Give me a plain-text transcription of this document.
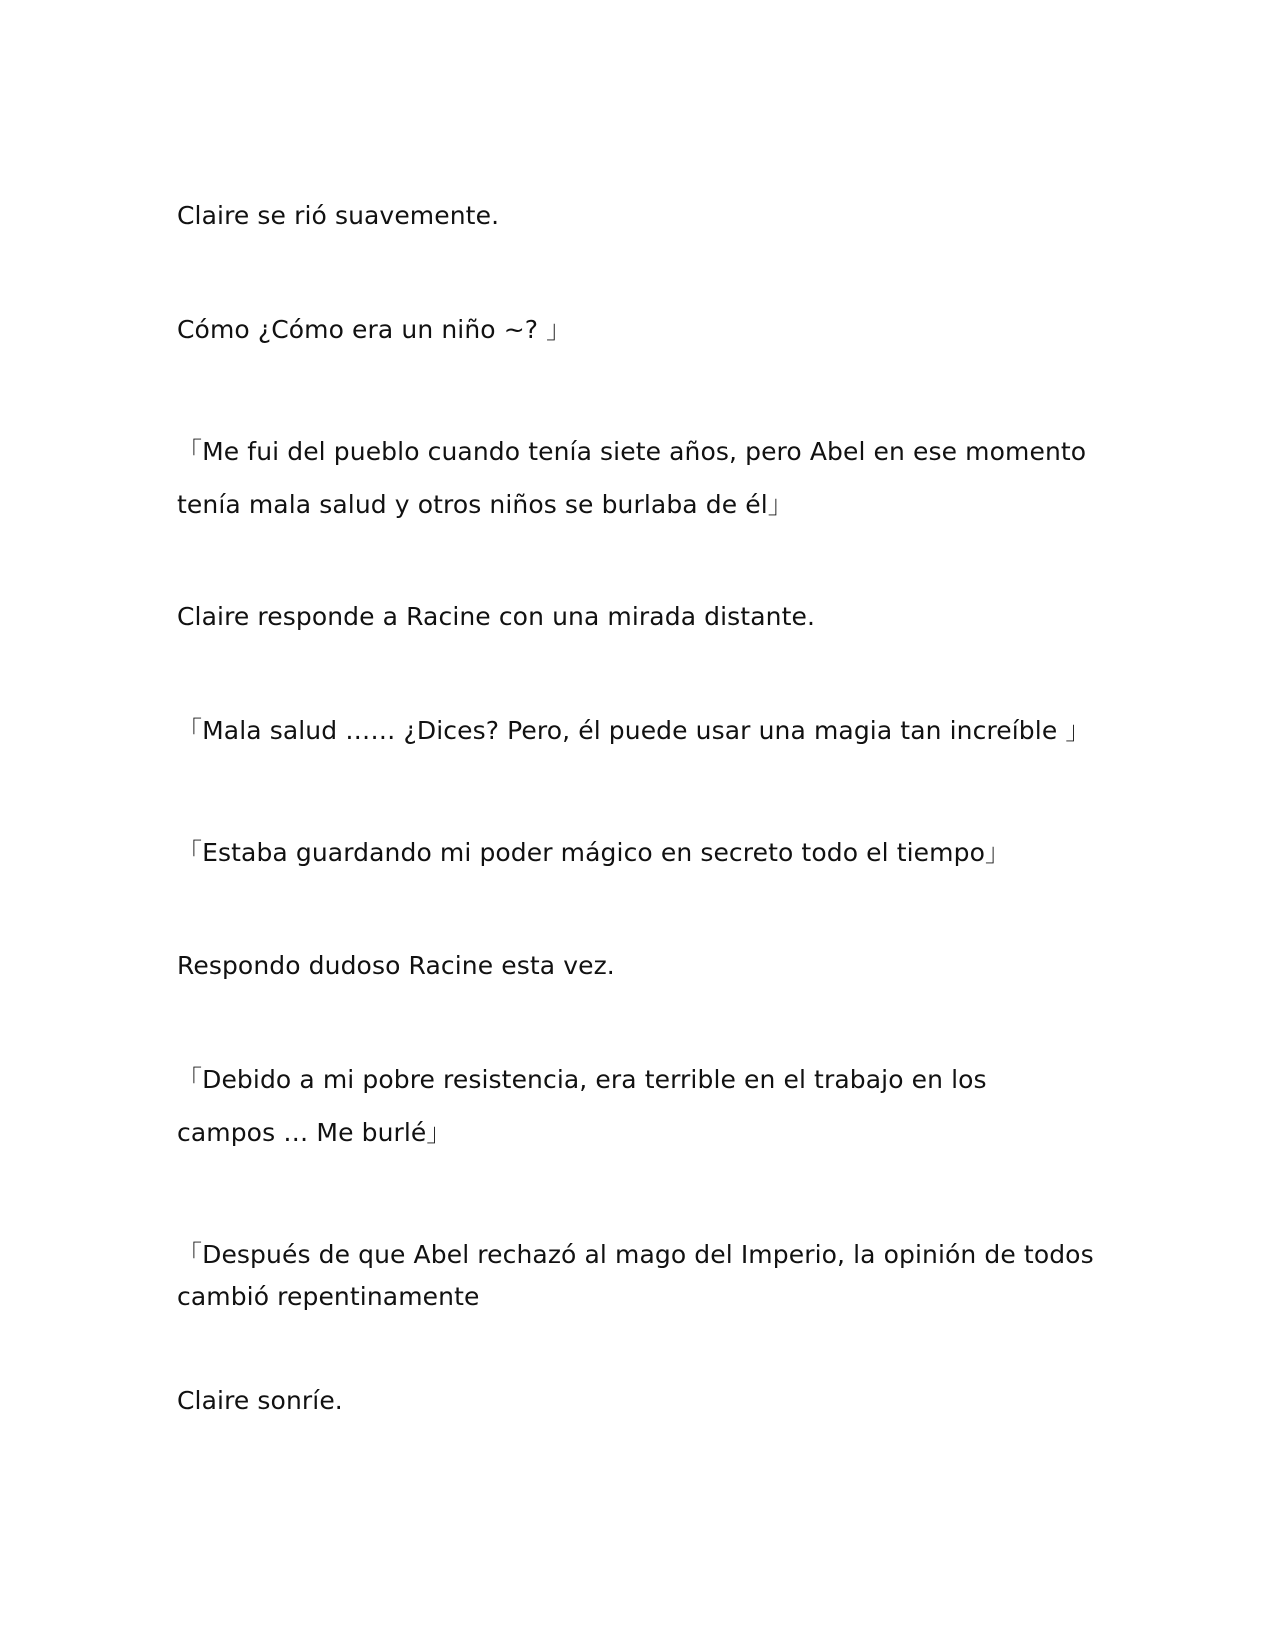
Claire se rió suavemente.
Cómo ¿Cómo era un niño ~? 」
「Me fui del pueblo cuando tenía siete años, pero Abel en ese momento
tenía mala salud y otros niños se burlaba de él」
Claire responde a Racine con una mirada distante.
「Mala salud …… ¿Dices? Pero, él puede usar una magia tan increíble 」
「Estaba guardando mi poder mágico en secreto todo el tiempo」
Respondo dudoso Racine esta vez.
「Debido a mi pobre resistencia, era terrible en el trabajo en los
campos … Me burlé」
「Después de que Abel rechazó al mago del Imperio, la opinión de todos
cambió repentinamente
Claire sonríe.
